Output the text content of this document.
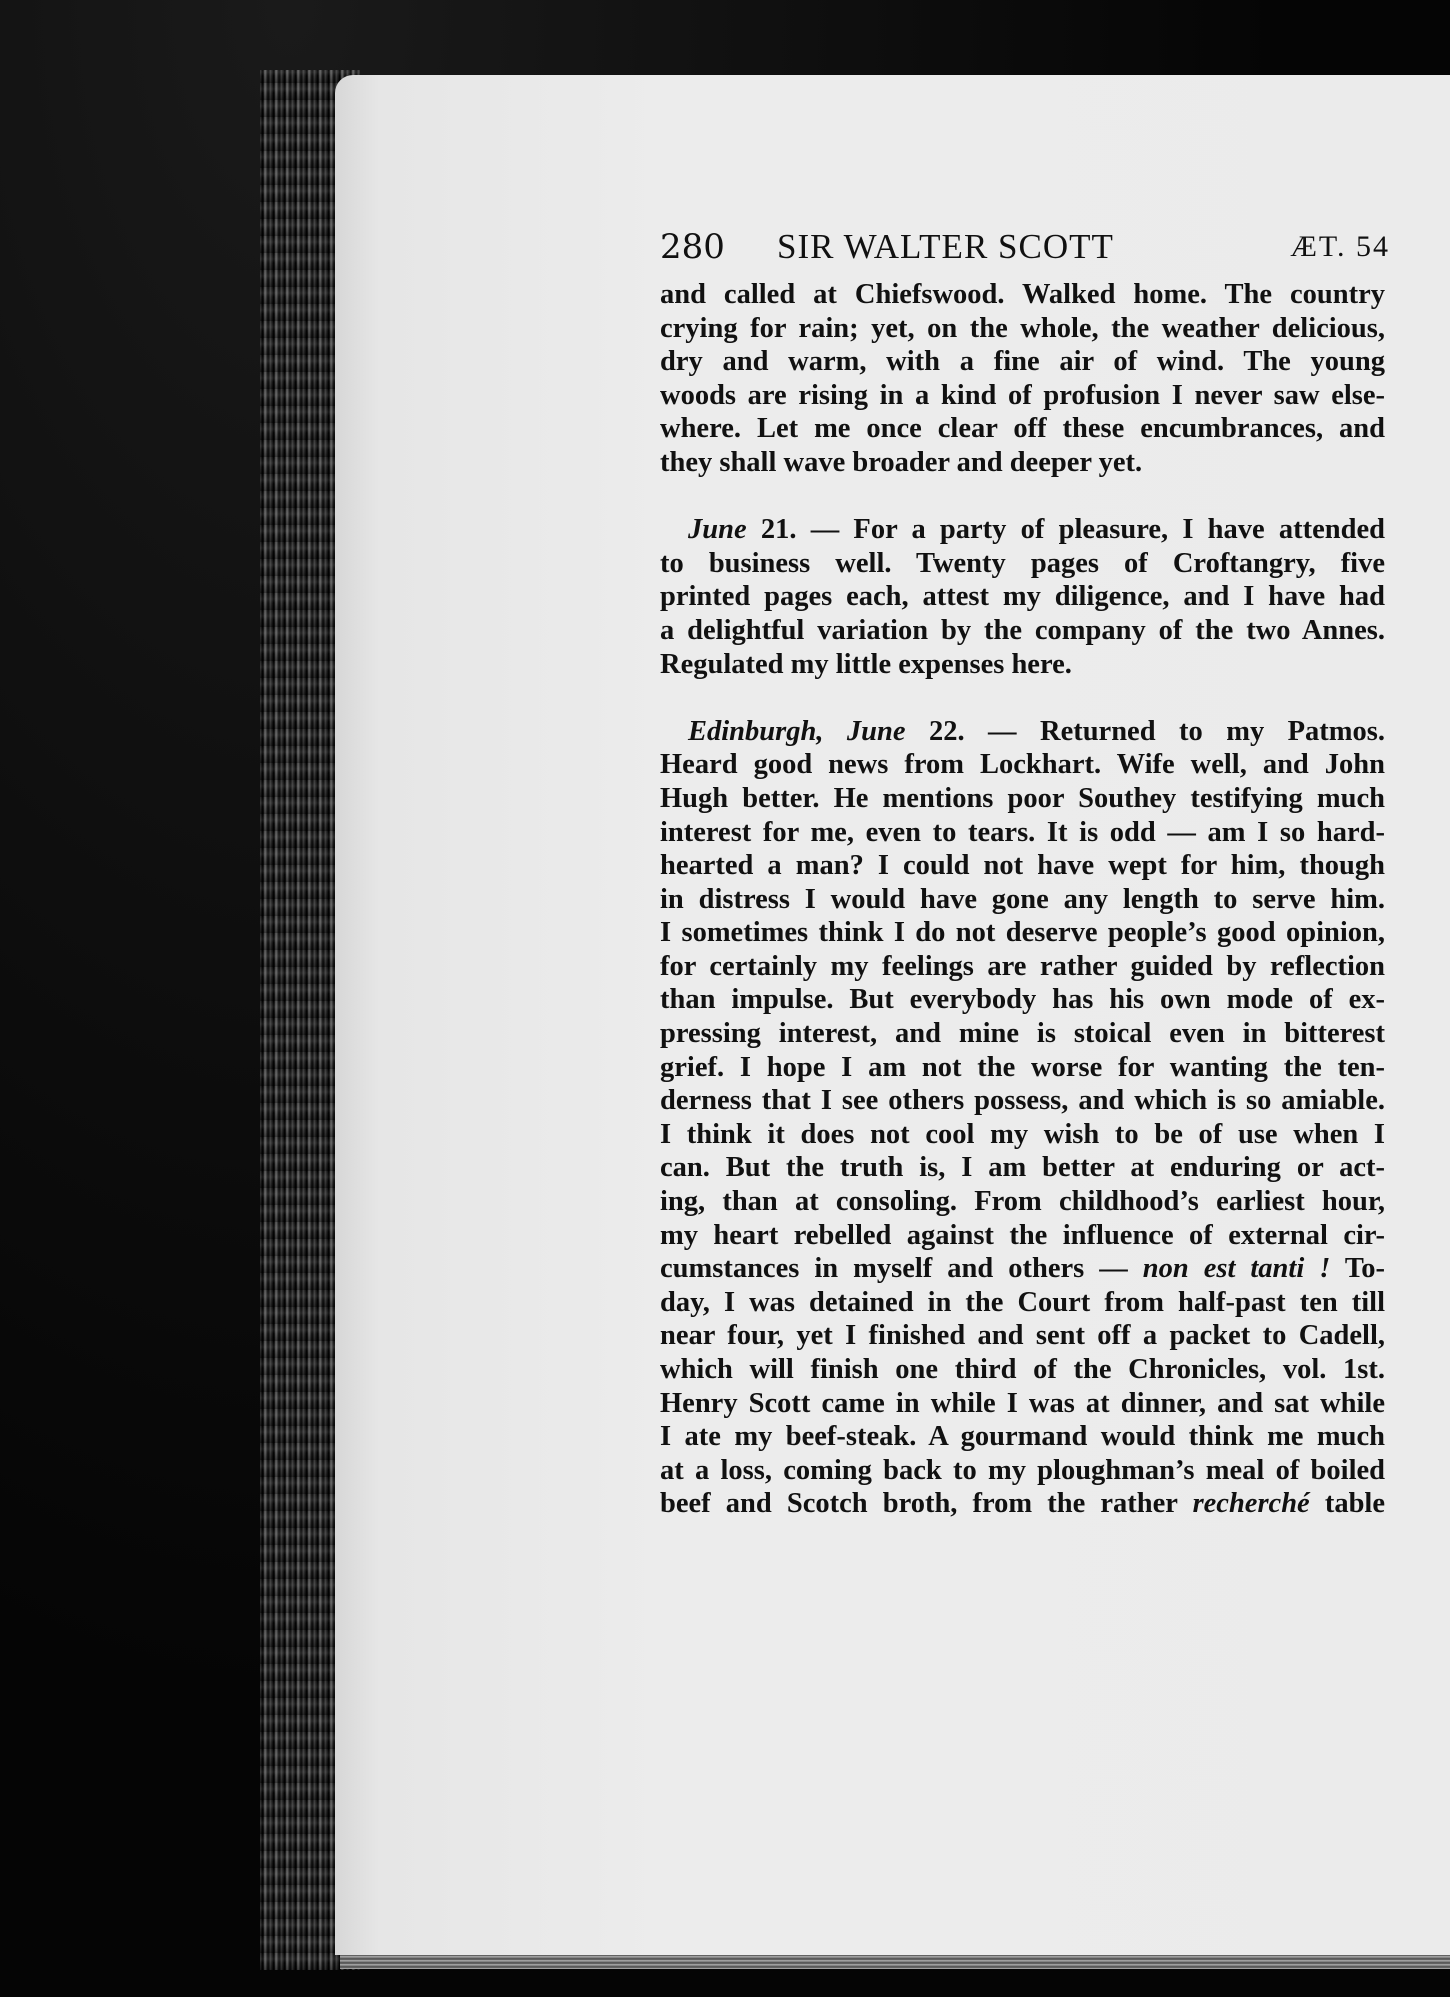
280 SIR WALTER SCOTT	ÆT. 54

and called at Chiefswood. Walked home. The country
crying for rain; yet, on the whole, the weather delicious,
dry and warm, with a fine air of wind. The young
woods are rising in a kind of profusion I never saw else-
where. Let me once clear off these encumbrances, and
they shall wave broader and deeper yet.

June 21. — For a party of pleasure, I have attended
to business well. Twenty pages of Croftangry, five
printed pages each, attest my diligence, and I have had
a delightful variation by the company of the two Annes.
Regulated my little expenses here.

Edinburgh, June 22. — Returned to my Patmos.
Heard good news from Lockhart. Wife well, and John
Hugh better. He mentions poor Southey testifying much
interest for me, even to tears. It is odd — am I so hard-
hearted a man? I could not have wept for him, though
in distress I would have gone any length to serve him.
I sometimes think I do not deserve people’s good opinion,
for certainly my feelings are rather guided by reflection
than impulse. But everybody has his own mode of ex-
pressing interest, and mine is stoical even in bitterest
grief. I hope I am not the worse for wanting the ten-
derness that I see others possess, and which is so amiable.
I think it does not cool my wish to be of use when I
can. But the truth is, I am better at enduring or act-
ing, than at consoling. From childhood’s earliest hour,
my heart rebelled against the influence of external cir-
cumstances in myself and others — non est tanti ! To-
day, I was detained in the Court from half-past ten till
near four, yet I finished and sent off a packet to Cadell,
which will finish one third of the Chronicles, vol. 1st.
Henry Scott came in while I was at dinner, and sat while
I ate my beef-steak. A gourmand would think me much
at a loss, coming back to my ploughman’s meal of boiled
beef and Scotch broth, from the rather recherché table
